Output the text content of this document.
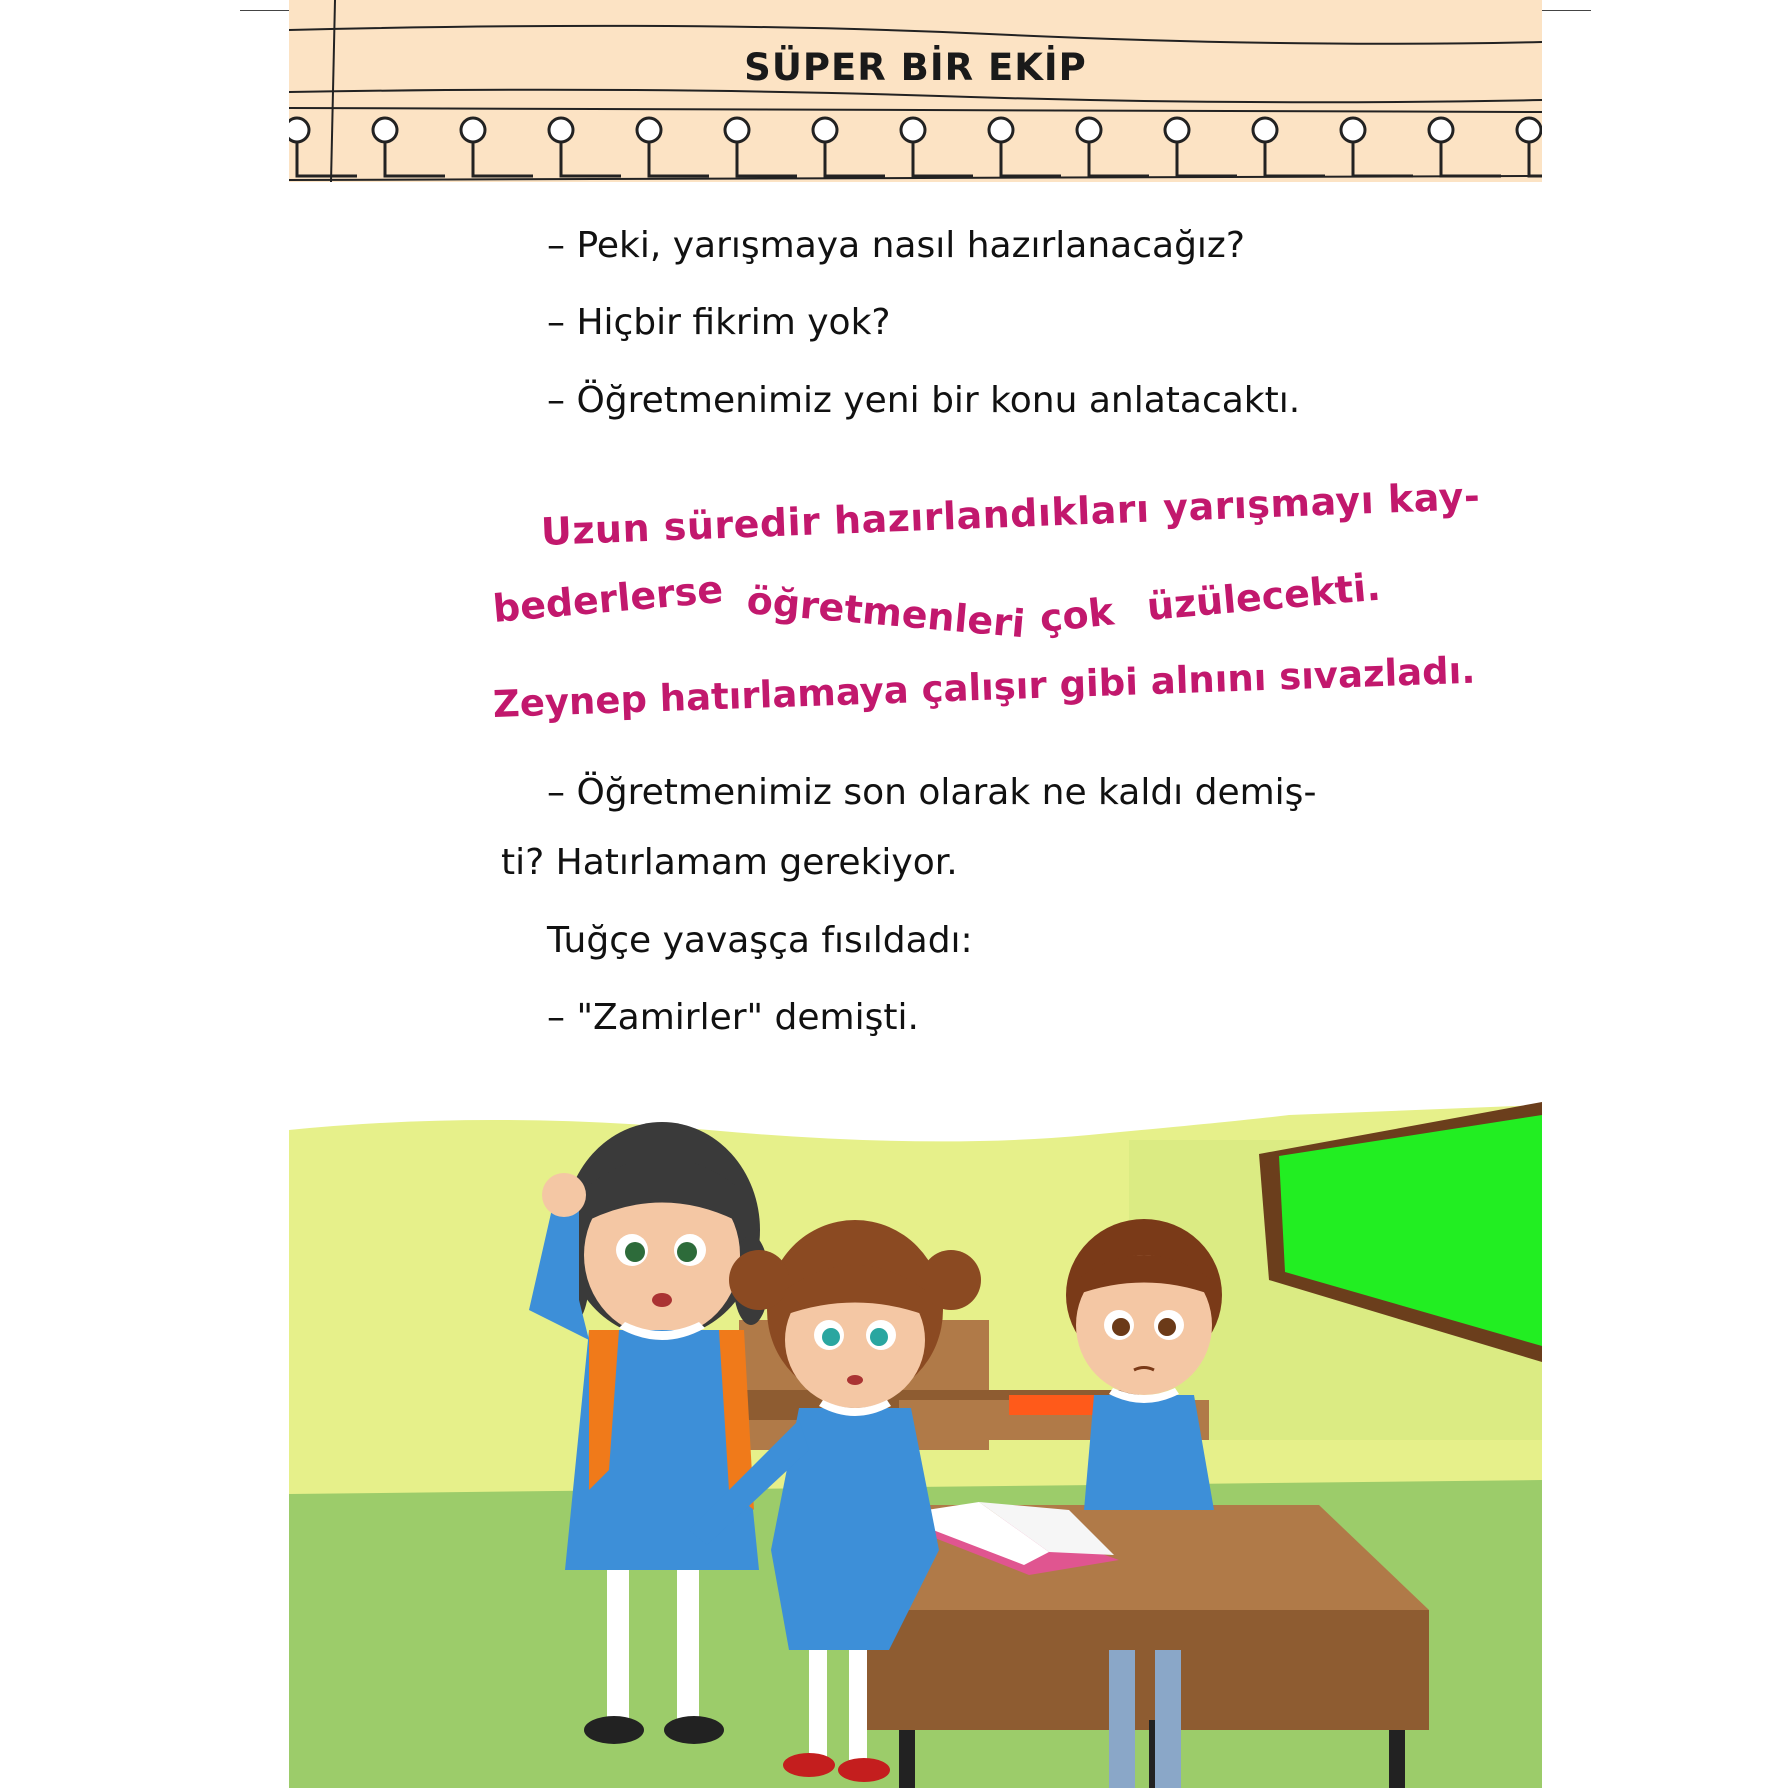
SÜPER BİR EKİP
– Peki, yarışmaya nasıl hazırlanacağız?
– Hiçbir fikrim yok?
– Öğretmenimiz yeni bir konu anlatacaktı.
Uzun süredir hazırlandıkları yarışmayı kay-
bederlerse öğretmenleri çok üzülecekti.
Zeynep hatırlamaya çalışır gibi alnını sıvazladı.
– Öğretmenimiz son olarak ne kaldı demiş-
ti? Hatırlamam gerekiyor.
Tuğçe yavaşça fısıldadı:
– "Zamirler" demişti.
